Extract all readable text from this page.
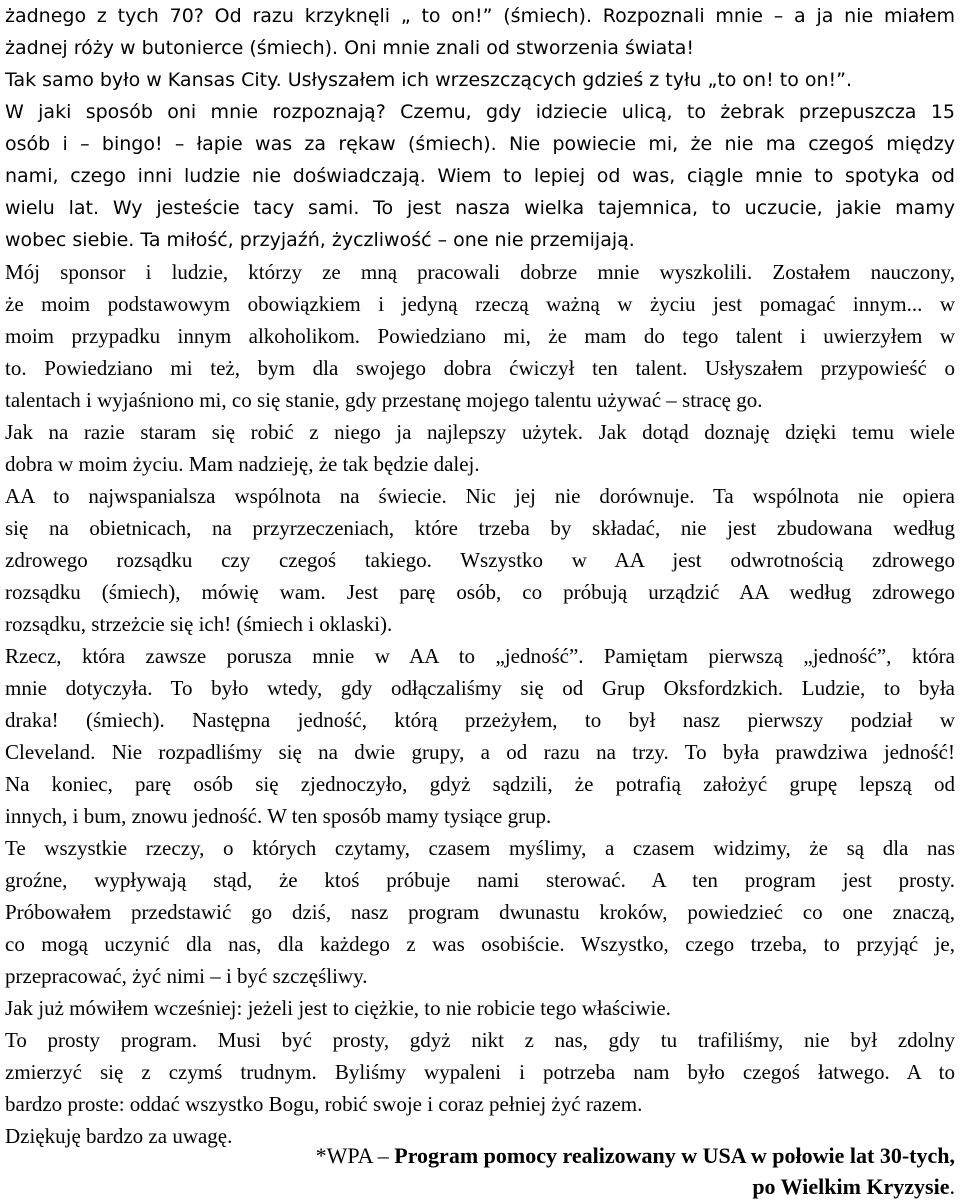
żadnego z tych 70? Od razu krzyknęli „ to on!” (śmiech). Rozpoznali mnie – a ja nie miałem
żadnej róży w butonierce (śmiech). Oni mnie znali od stworzenia świata!
Tak samo było w Kansas City. Usłyszałem ich wrzeszczących gdzieś z tyłu „to on! to on!”.
W jaki sposób oni mnie rozpoznają? Czemu, gdy idziecie ulicą, to żebrak przepuszcza 15
osób i – bingo! – łapie was za rękaw (śmiech). Nie powiecie mi, że nie ma czegoś między
nami, czego inni ludzie nie doświadczają. Wiem to lepiej od was, ciągle mnie to spotyka od
wielu lat. Wy jesteście tacy sami. To jest nasza wielka tajemnica, to uczucie, jakie mamy
wobec siebie. Ta miłość, przyjaźń, życzliwość – one nie przemijają.
Mój sponsor i ludzie, którzy ze mną pracowali dobrze mnie wyszkolili. Zostałem nauczony,
że moim podstawowym obowiązkiem i jedyną rzeczą ważną w życiu jest pomagać innym... w
moim przypadku innym alkoholikom. Powiedziano mi, że mam do tego talent i uwierzyłem w
to. Powiedziano mi też, bym dla swojego dobra ćwiczył ten talent. Usłyszałem przypowieść o
talentach i wyjaśniono mi, co się stanie, gdy przestanę mojego talentu używać – stracę go.
Jak na razie staram się robić z niego ja najlepszy użytek. Jak dotąd doznaję dzięki temu wiele
dobra w moim życiu. Mam nadzieję, że tak będzie dalej.
AA to najwspanialsza wspólnota na świecie. Nic jej nie dorównuje. Ta wspólnota nie opiera
się na obietnicach, na przyrzeczeniach, które trzeba by składać, nie jest zbudowana według
zdrowego rozsądku czy czegoś takiego. Wszystko w AA jest odwrotnością zdrowego
rozsądku (śmiech), mówię wam. Jest parę osób, co próbują urządzić AA według zdrowego
rozsądku, strzeżcie się ich! (śmiech i oklaski).
Rzecz, która zawsze porusza mnie w AA to „jedność”. Pamiętam pierwszą „jedność”, która
mnie dotyczyła. To było wtedy, gdy odłączaliśmy się od Grup Oksfordzkich. Ludzie, to była
draka! (śmiech). Następna jedność, którą przeżyłem, to był nasz pierwszy podział w
Cleveland. Nie rozpadliśmy się na dwie grupy, a od razu na trzy. To była prawdziwa jedność!
Na koniec, parę osób się zjednoczyło, gdyż sądzili, że potrafią założyć grupę lepszą od
innych, i bum, znowu jedność. W ten sposób mamy tysiące grup.
Te wszystkie rzeczy, o których czytamy, czasem myślimy, a czasem widzimy, że są dla nas
groźne, wypływają stąd, że ktoś próbuje nami sterować. A ten program jest prosty.
Próbowałem przedstawić go dziś, nasz program dwunastu kroków, powiedzieć co one znaczą,
co mogą uczynić dla nas, dla każdego z was osobiście. Wszystko, czego trzeba, to przyjąć je,
przepracować, żyć nimi – i być szczęśliwy.
Jak już mówiłem wcześniej: jeżeli jest to ciężkie, to nie robicie tego właściwie.
To prosty program. Musi być prosty, gdyż nikt z nas, gdy tu trafiliśmy, nie był zdolny
zmierzyć się z czymś trudnym. Byliśmy wypaleni i potrzeba nam było czegoś łatwego. A to
bardzo proste: oddać wszystko Bogu, robić swoje i coraz pełniej żyć razem.
Dziękuję bardzo za uwagę.
*WPA – Program pomocy realizowany w USA w połowie lat 30-tych,
po Wielkim Kryzysie.
